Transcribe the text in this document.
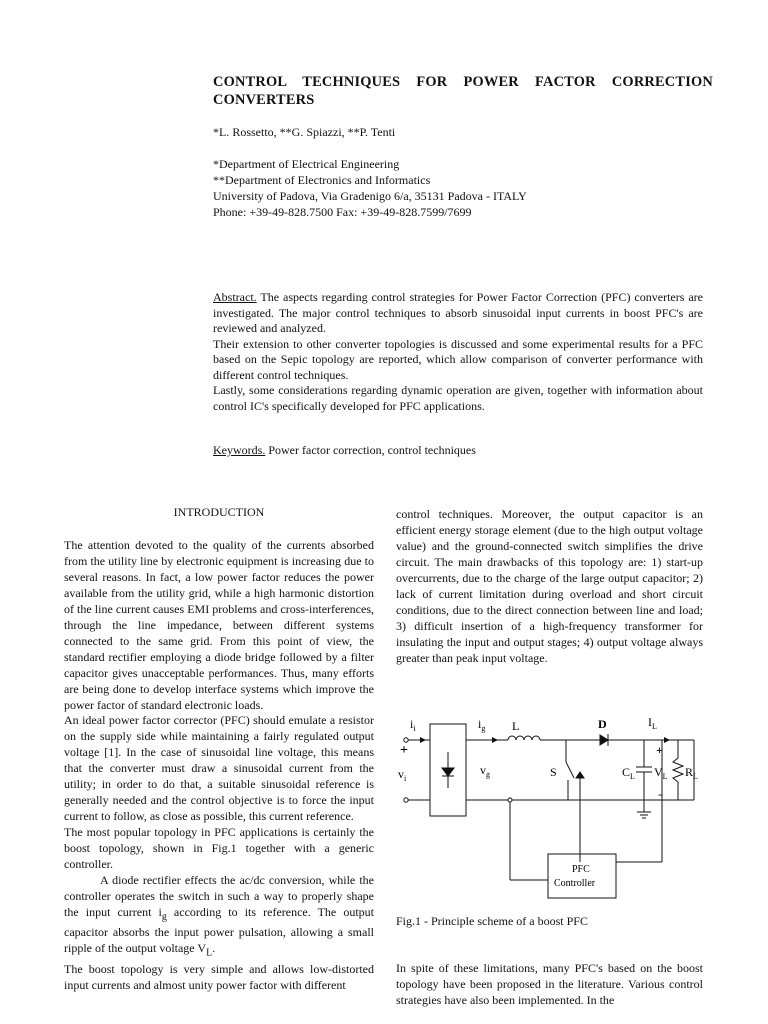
CONTROL TECHNIQUES FOR POWER FACTOR CORRECTION CONVERTERS
*L. Rossetto, **G. Spiazzi, **P. Tenti
*Department of Electrical Engineering
**Department of Electronics and Informatics
University of Padova, Via Gradenigo 6/a, 35131 Padova - ITALY
Phone: +39-49-828.7500 Fax: +39-49-828.7599/7699

Abstract. The aspects regarding control strategies for Power Factor Correction (PFC) converters are investigated. The major control techniques to absorb sinusoidal input currents in boost PFC's are reviewed and analyzed.

Their extension to other converter topologies is discussed and some experimental results for a PFC based on the Sepic topology are reported, which allow comparison of converter performance with different control techniques.

Lastly, some considerations regarding dynamic operation are given, together with information about control IC's specifically developed for PFC applications.

Keywords. Power factor correction, control techniques
INTRODUCTION

The attention devoted to the quality of the currents absorbed from the utility line by electronic equipment is increasing due to several reasons. In fact, a low power factor reduces the power available from the utility grid, while a high harmonic distortion of the line current causes EMI problems and cross-interferences, through the line impedance, between different systems connected to the same grid. From this point of view, the standard rectifier employing a diode bridge followed by a filter capacitor gives unacceptable performances. Thus, many efforts are being done to develop interface systems which improve the power factor of standard electronic loads.

An ideal power factor corrector (PFC) should emulate a resistor on the supply side while maintaining a fairly regulated output voltage [1]. In the case of sinusoidal line voltage, this means that the converter must draw a sinusoidal current from the utility; in order to do that, a suitable sinusoidal reference is generally needed and the control objective is to force the input current to follow, as close as possible, this current reference.

The most popular topology in PFC applications is certainly the boost topology, shown in Fig.1 together with a generic controller.

A diode rectifier effects the ac/dc conversion, while the controller operates the switch in such a way to properly shape the input current $i_g$ according to its reference. The output capacitor absorbs the input power pulsation, allowing a small ripple of the output voltage $V_L$.

The boost topology is very simple and allows low-distorted input currents and almost unity power factor with different

control techniques. Moreover, the output capacitor is an efficient energy storage element (due to the high output voltage value) and the ground-connected switch simplifies the drive circuit. The main drawbacks of this topology are: 1) start-up overcurrents, due to the charge of the large output capacitor; 2) lack of current limitation during overload and short circuit conditions, due to the direct connection between line and load; 3) difficult insertion of a high-frequency transformer for insulating the input and output stages; 4) output voltage always greater than peak input voltage.

$i_i$
+
$v_i$
$i_g$
$v_g$
L	D	$I_L$
S	$C_L$ $V_L$ $R_L$
+
-
PFC
Controller
Fig.1 - Principle scheme of a boost PFC

In spite of these limitations, many PFC's based on the boost topology have been proposed in the literature. Various control strategies have also been implemented. In the
